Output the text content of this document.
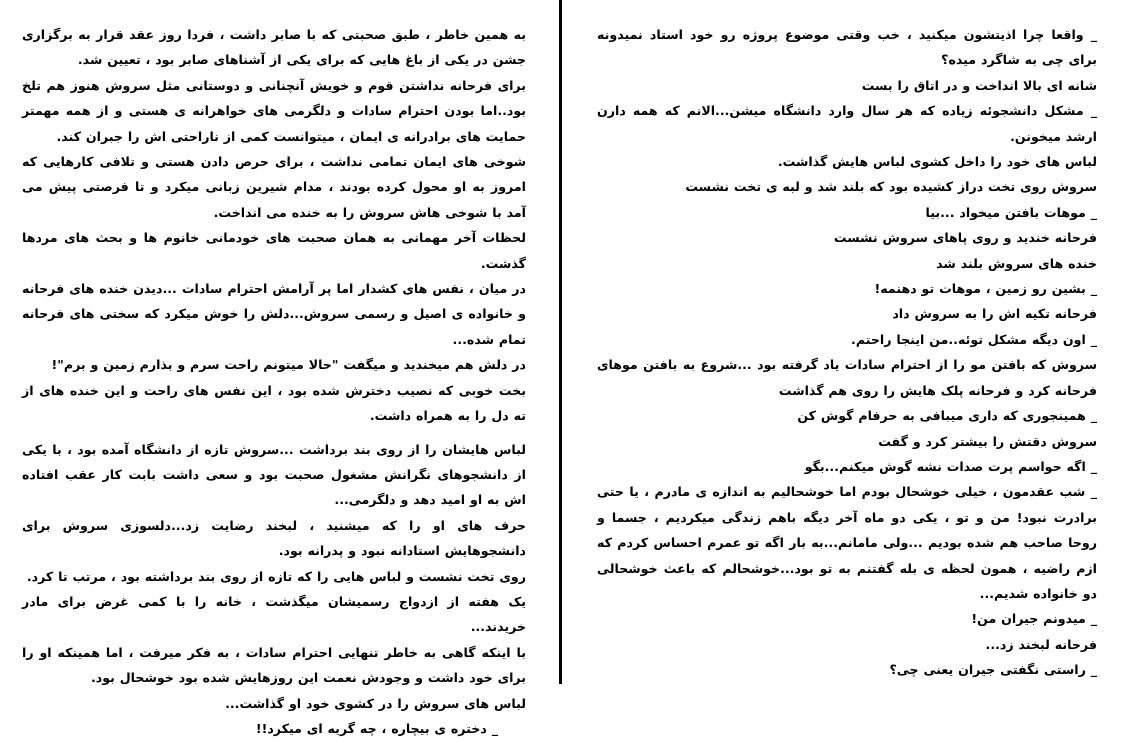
_ واقعا چرا اذیتشون میکنید ، خب وقتی موضوع پروژه رو خود استاد نمیدونه برای چی به شاگرد میده؟

شانه ای بالا انداخت و در اتاق را بست

_ مشکل دانشجوئه زیاده که هر سال وارد دانشگاه میشن...الانم که همه دارن ارشد میخونن.

لباس های خود را داخل کشوی لباس هایش گذاشت.

سروش روی تخت دراز کشیده بود که بلند شد و لبه ی تخت نشست

_ موهات بافتن میخواد ...بیا

فرحانه خندید و روی پاهای سروش نشست

خنده های سروش بلند شد

_ بشین رو زمین ، موهات تو دهنمه!

فرحانه تکیه اش را به سروش داد

_ اون دیگه مشکل توئه..من اینجا راحتم.

سروش که بافتن مو را از احترام سادات یاد گرفته بود ...شروع به بافتن موهای فرحانه کرد و فرحانه پلک هایش را روی هم گذاشت

_ همینجوری که داری میبافی به حرفام گوش کن

سروش دقتش را بیشتر کرد و گفت

_ اگه حواسم پرت صدات نشه گوش میکنم...بگو

_ شب عقدمون ، خیلی خوشحال بودم اما خوشحالیم به اندازه ی مادرم ، یا حتی برادرت نبود! من و تو ، یکی دو ماه آخر دیگه باهم زندگی میکردیم ، جسما و روحا صاحب هم شده بودیم ...ولی مامانم...به بار اگه تو عمرم احساس کردم که ازم راضیه ، همون لحظه ی بله گفتنم به تو بود...خوشحالم که باعث خوشحالی دو خانواده شدیم...

_ میدونم جیران من!

فرحانه لبخند زد...

_ راستی نگفتی جیران یعنی چی؟

به همین خاطر ، طبق صحبتی که با صابر داشت ، فردا روز عقد قرار به برگزاری جشن در یکی از باغ هایی که برای یکی از آشناهای صابر بود ، تعیین شد.

برای فرحانه نداشتن قوم و خویش آنچنانی و دوستانی مثل سروش هنوز هم تلخ بود..اما بودن احترام سادات و دلگرمی های خواهرانه ی هستی و از همه مهمتر حمایت های برادرانه ی ایمان ، میتوانست کمی از ناراحتی اش را جبران کند.

شوخی های ایمان تمامی نداشت ، برای حرص دادن هستی و تلافی کارهایی که امروز به او محول کرده بودند ، مدام شیرین زبانی میکرد و تا فرصتی پیش می آمد با شوخی هاش سروش را به خنده می انداخت.

لحظات آخر مهمانی به همان صحبت های خودمانی خانوم ها و بحث های مردها گذشت.

در میان ، نفس های کشدار اما پر آرامش احترام سادات ...دیدن خنده های فرحانه و خانواده ی اصیل و رسمی سروش...دلش را خوش میکرد که سختی های فرحانه تمام شده...

در دلش هم میخندید و میگفت "حالا میتونم راحت سرم و بذارم زمین و برم"!

بخت خوبی که نصیب دخترش شده بود ، این نفس های راحت و این خنده های از ته دل را به همراه داشت.

لباس هایشان را از روی بند برداشت ...سروش تازه از دانشگاه آمده بود ، با یکی از دانشجوهای نگرانش مشغول صحبت بود و سعی داشت بابت کار عقب افتاده اش به او امید دهد و دلگرمی...

حرف های او را که میشنید ، لبخند رضایت زد...دلسوزی سروش برای دانشجوهایش استادانه نبود و پدرانه بود.

روی تخت نشست و لباس هایی را که تازه از روی بند برداشته بود ، مرتب تا کرد.

یک هفته از ازدواج رسمیشان میگذشت ، خانه را با کمی غرض برای مادر خریدند...

با اینکه گاهی به خاطر تنهایی احترام سادات ، به فکر میرفت ، اما همینکه او را برای خود داشت و وجودش نعمت این روزهایش شده بود خوشحال بود.

لباس های سروش را در کشوی خود او گذاشت...

_ دختره ی بیچاره ، چه گریه ای میکرد!!
